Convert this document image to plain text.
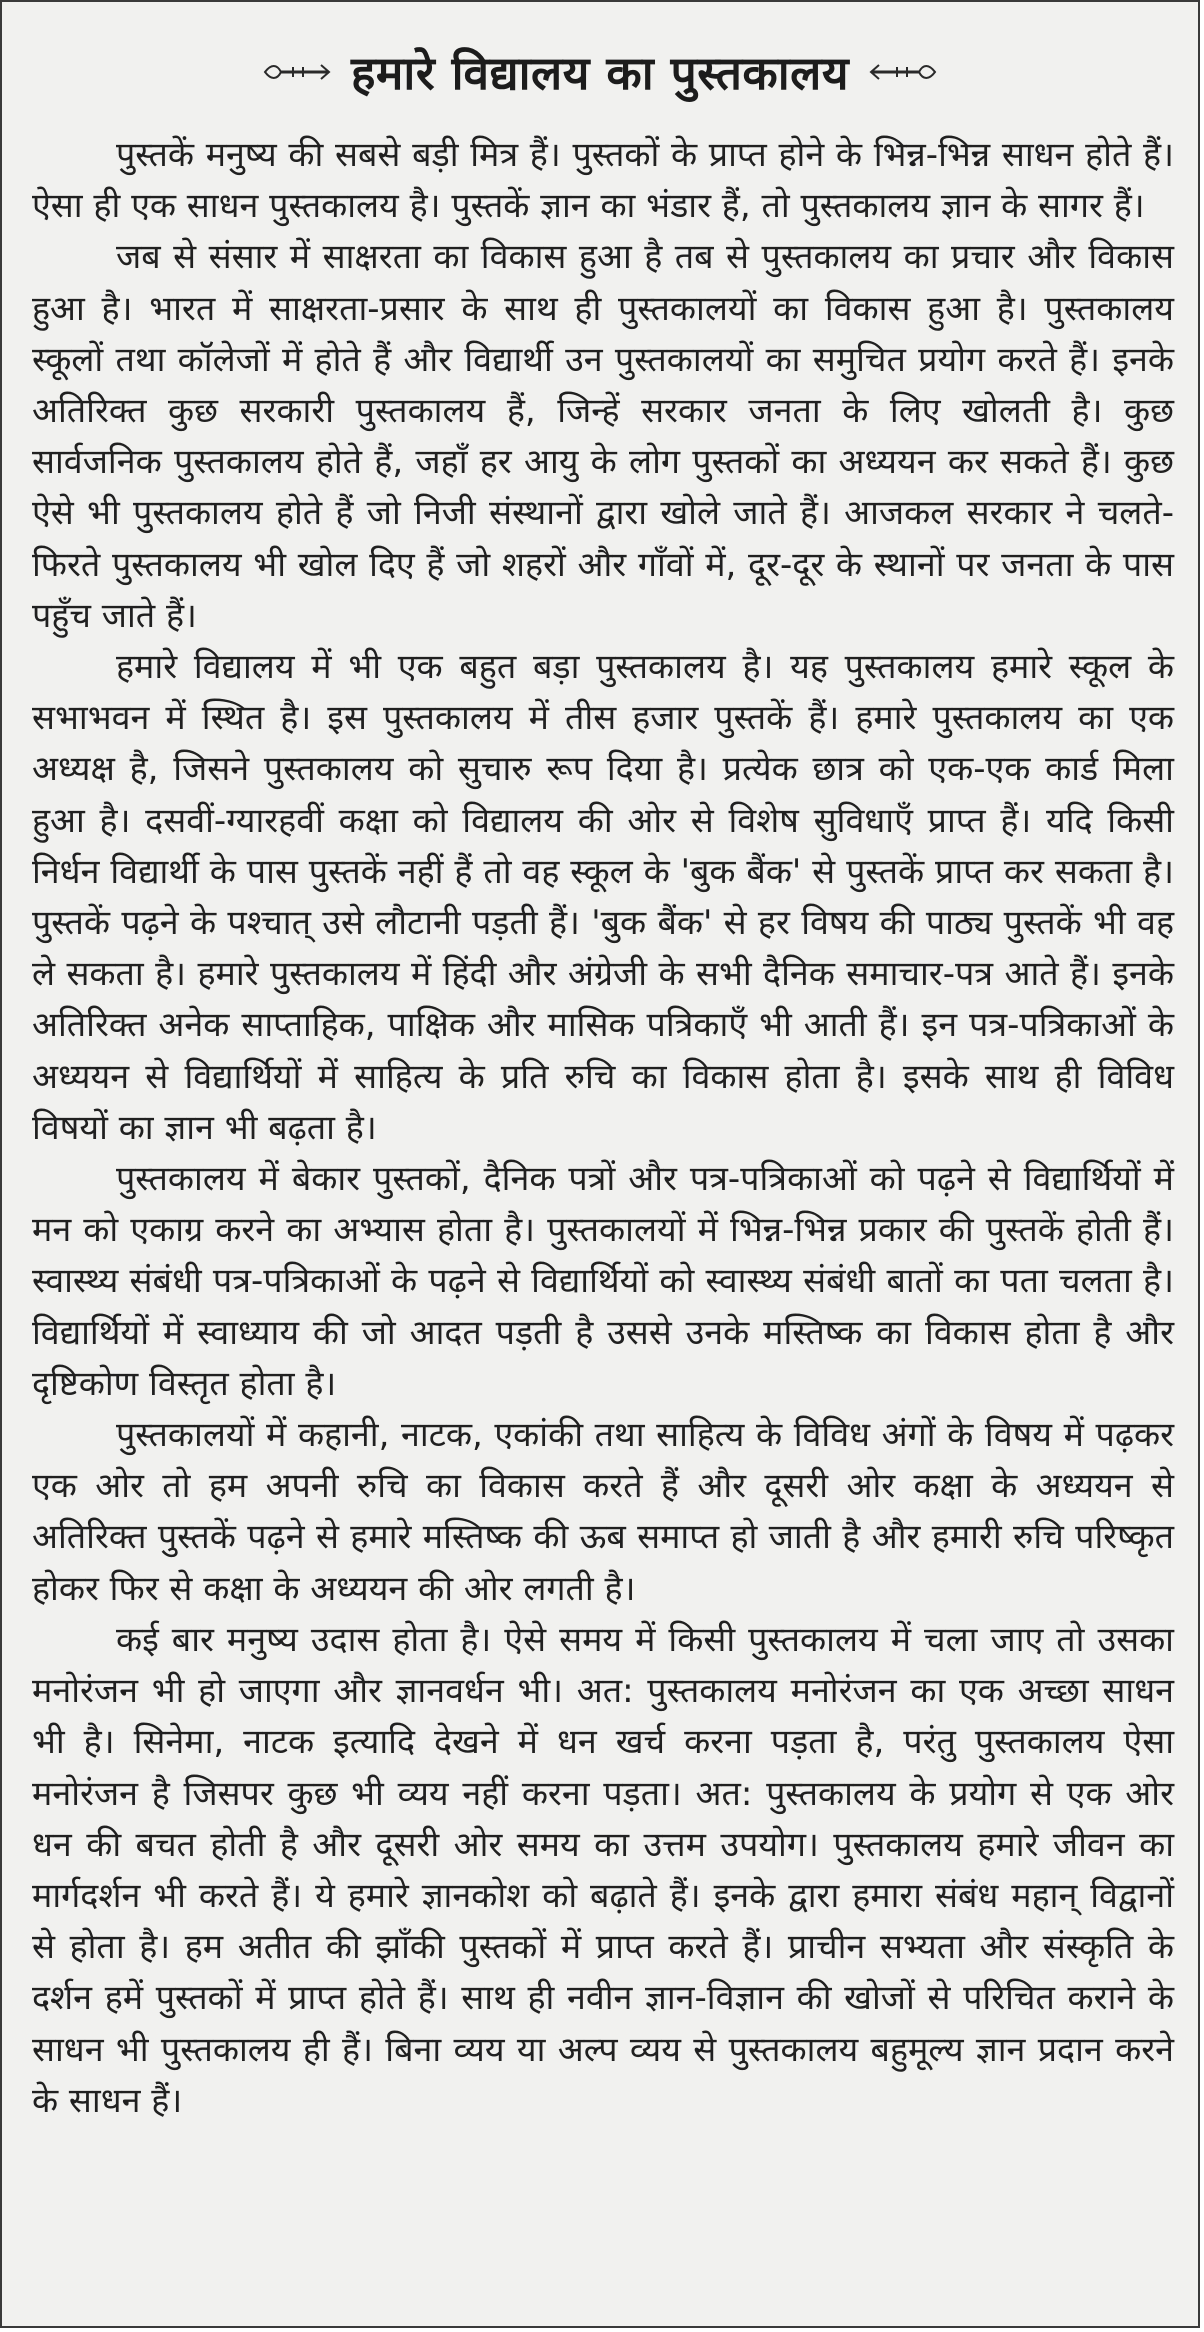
हमारे विद्यालय का पुस्तकालय

पुस्तकें मनुष्य की सबसे बड़ी मित्र हैं। पुस्तकों के प्राप्त होने के भिन्न-भिन्न साधन होते हैं। ऐसा ही एक साधन पुस्तकालय है। पुस्तकें ज्ञान का भंडार हैं, तो पुस्तकालय ज्ञान के सागर हैं।

जब से संसार में साक्षरता का विकास हुआ है तब से पुस्तकालय का प्रचार और विकास हुआ है। भारत में साक्षरता-प्रसार के साथ ही पुस्तकालयों का विकास हुआ है। पुस्तकालय स्कूलों तथा कॉलेजों में होते हैं और विद्यार्थी उन पुस्तकालयों का समुचित प्रयोग करते हैं। इनके अतिरिक्त कुछ सरकारी पुस्तकालय हैं, जिन्हें सरकार जनता के लिए खोलती है। कुछ सार्वजनिक पुस्तकालय होते हैं, जहाँ हर आयु के लोग पुस्तकों का अध्ययन कर सकते हैं। कुछ ऐसे भी पुस्तकालय होते हैं जो निजी संस्थानों द्वारा खोले जाते हैं। आजकल सरकार ने चलते-फिरते पुस्तकालय भी खोल दिए हैं जो शहरों और गाँवों में, दूर-दूर के स्थानों पर जनता के पास पहुँच जाते हैं।

हमारे विद्यालय में भी एक बहुत बड़ा पुस्तकालय है। यह पुस्तकालय हमारे स्कूल के सभाभवन में स्थित है। इस पुस्तकालय में तीस हजार पुस्तकें हैं। हमारे पुस्तकालय का एक अध्यक्ष है, जिसने पुस्तकालय को सुचारु रूप दिया है। प्रत्येक छात्र को एक-एक कार्ड मिला हुआ है। दसवीं-ग्यारहवीं कक्षा को विद्यालय की ओर से विशेष सुविधाएँ प्राप्त हैं। यदि किसी निर्धन विद्यार्थी के पास पुस्तकें नहीं हैं तो वह स्कूल के 'बुक बैंक' से पुस्तकें प्राप्त कर सकता है। पुस्तकें पढ़ने के पश्चात् उसे लौटानी पड़ती हैं। 'बुक बैंक' से हर विषय की पाठ्य पुस्तकें भी वह ले सकता है। हमारे पुस्तकालय में हिंदी और अंग्रेजी के सभी दैनिक समाचार-पत्र आते हैं। इनके अतिरिक्त अनेक साप्ताहिक, पाक्षिक और मासिक पत्रिकाएँ भी आती हैं। इन पत्र-पत्रिकाओं के अध्ययन से विद्यार्थियों में साहित्य के प्रति रुचि का विकास होता है। इसके साथ ही विविध विषयों का ज्ञान भी बढ़ता है।

पुस्तकालय में बेकार पुस्तकों, दैनिक पत्रों और पत्र-पत्रिकाओं को पढ़ने से विद्यार्थियों में मन को एकाग्र करने का अभ्यास होता है। पुस्तकालयों में भिन्न-भिन्न प्रकार की पुस्तकें होती हैं। स्वास्थ्य संबंधी पत्र-पत्रिकाओं के पढ़ने से विद्यार्थियों को स्वास्थ्य संबंधी बातों का पता चलता है। विद्यार्थियों में स्वाध्याय की जो आदत पड़ती है उससे उनके मस्तिष्क का विकास होता है और दृष्टिकोण विस्तृत होता है।

पुस्तकालयों में कहानी, नाटक, एकांकी तथा साहित्य के विविध अंगों के विषय में पढ़कर एक ओर तो हम अपनी रुचि का विकास करते हैं और दूसरी ओर कक्षा के अध्ययन से अतिरिक्त पुस्तकें पढ़ने से हमारे मस्तिष्क की ऊब समाप्त हो जाती है और हमारी रुचि परिष्कृत होकर फिर से कक्षा के अध्ययन की ओर लगती है।

कई बार मनुष्य उदास होता है। ऐसे समय में किसी पुस्तकालय में चला जाए तो उसका मनोरंजन भी हो जाएगा और ज्ञानवर्धन भी। अत: पुस्तकालय मनोरंजन का एक अच्छा साधन भी है। सिनेमा, नाटक इत्यादि देखने में धन खर्च करना पड़ता है, परंतु पुस्तकालय ऐसा मनोरंजन है जिसपर कुछ भी व्यय नहीं करना पड़ता। अत: पुस्तकालय के प्रयोग से एक ओर धन की बचत होती है और दूसरी ओर समय का उत्तम उपयोग। पुस्तकालय हमारे जीवन का मार्गदर्शन भी करते हैं। ये हमारे ज्ञानकोश को बढ़ाते हैं। इनके द्वारा हमारा संबंध महान् विद्वानों से होता है। हम अतीत की झाँकी पुस्तकों में प्राप्त करते हैं। प्राचीन सभ्यता और संस्कृति के दर्शन हमें पुस्तकों में प्राप्त होते हैं। साथ ही नवीन ज्ञान-विज्ञान की खोजों से परिचित कराने के साधन भी पुस्तकालय ही हैं। बिना व्यय या अल्प व्यय से पुस्तकालय बहुमूल्य ज्ञान प्रदान करने के साधन हैं।
